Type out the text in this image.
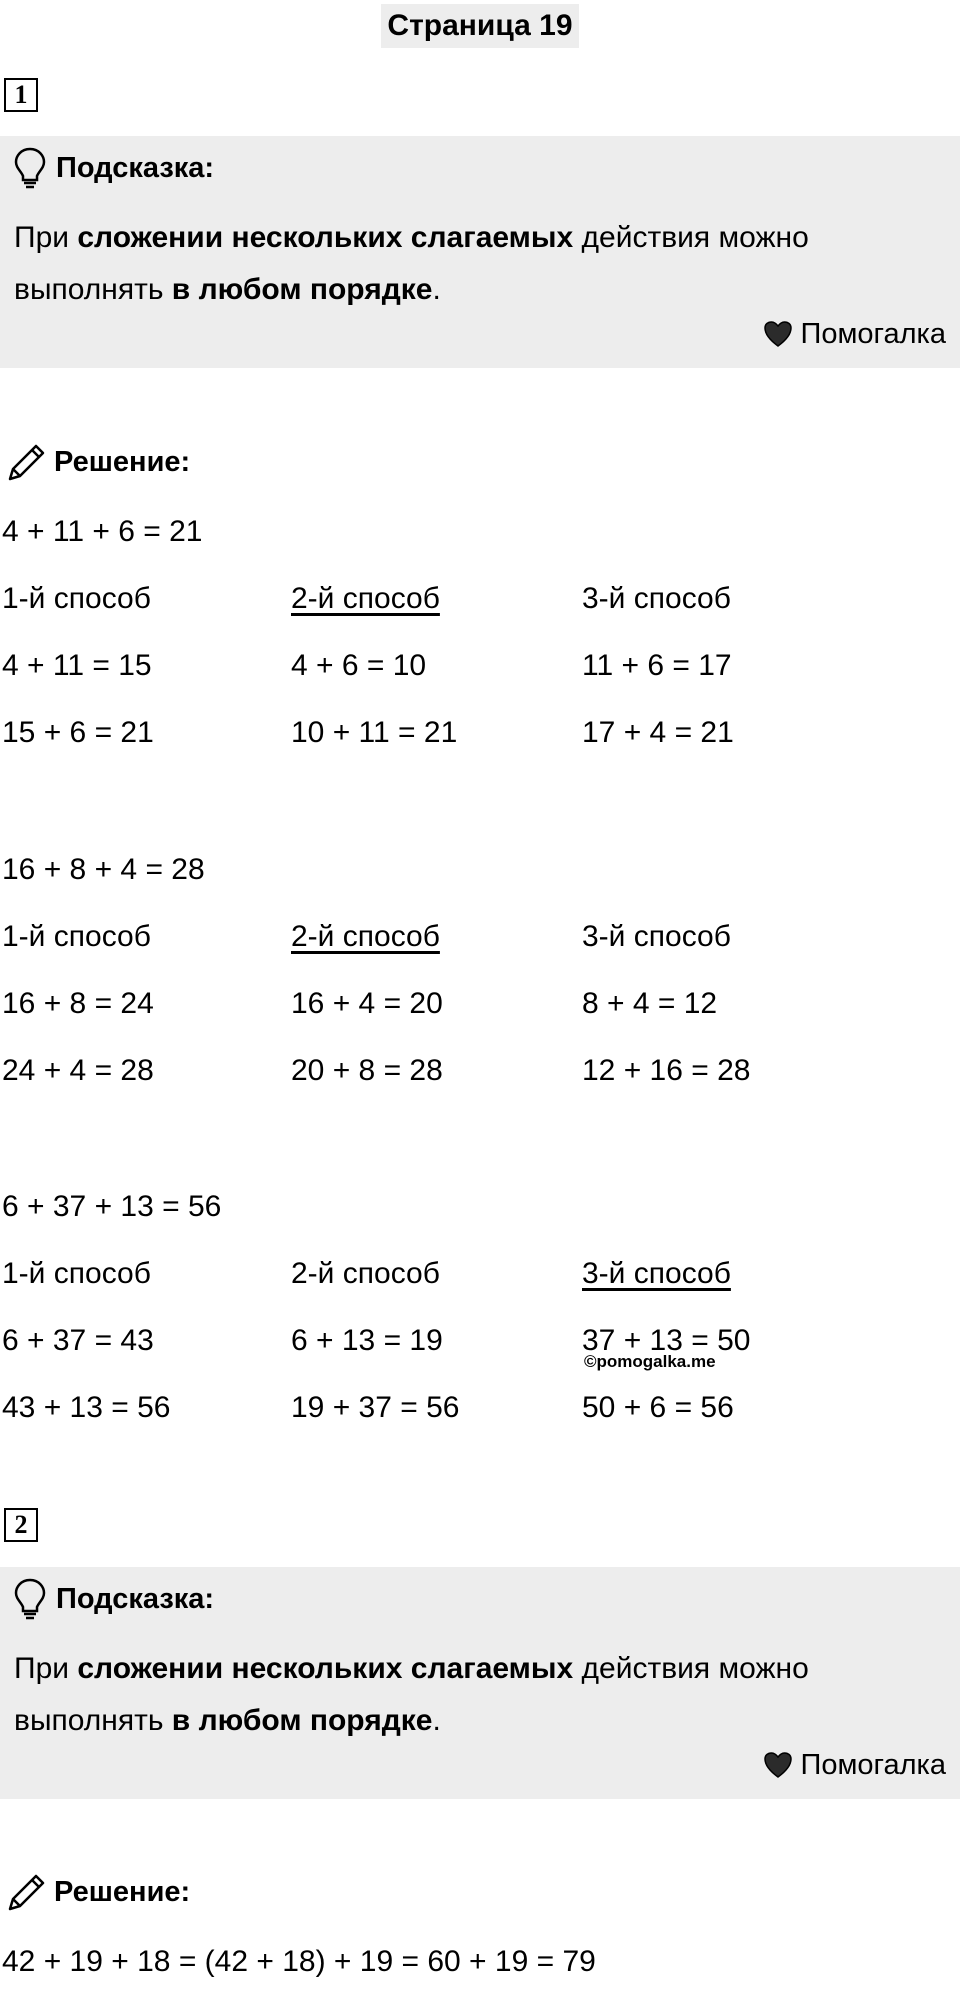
Страница 19
1
Подсказка:
При сложении нескольких слагаемых действия можно выполнять в любом порядке.
Помогалка
Решение:
4 + 11 + 6 = 21
1-й способ	2-й способ	3-й способ
4 + 11 = 15	4 + 6 = 10	11 + 6 = 17
15 + 6 = 21	10 + 11 = 21	17 + 4 = 21
16 + 8 + 4 = 28
1-й способ	2-й способ	3-й способ
16 + 8 = 24	16 + 4 = 20	8 + 4 = 12
24 + 4 = 28	20 + 8 = 28	12 + 16 = 28
6 + 37 + 13 = 56
1-й способ	2-й способ	3-й способ
6 + 37 = 43	6 + 13 = 19	37 + 13 = 50
©pomogalka.me
43 + 13 = 56	19 + 37 = 56	50 + 6 = 56
2
Подсказка:
При сложении нескольких слагаемых действия можно выполнять в любом порядке.
Помогалка
Решение:
42 + 19 + 18 = (42 + 18) + 19 = 60 + 19 = 79
